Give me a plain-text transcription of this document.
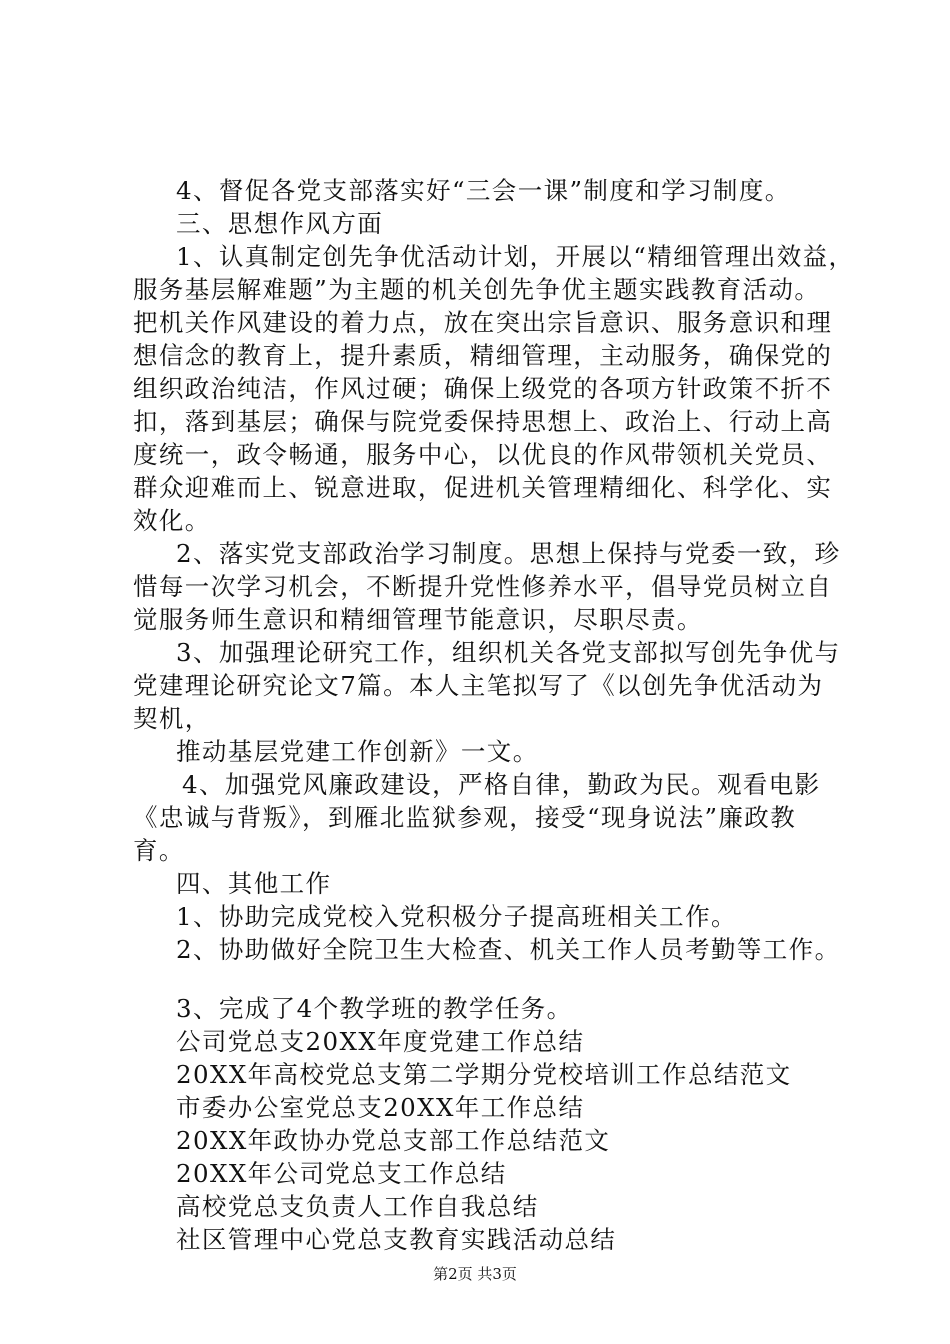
4、督促各党支部落实好“三会一课”制度和学习制度。
三、思想作风方面
1、认真制定创先争优活动计划，开展以“精细管理出效益，
服务基层解难题”为主题的机关创先争优主题实践教育活动。
把机关作风建设的着力点，放在突出宗旨意识、服务意识和理
想信念的教育上，提升素质，精细管理，主动服务，确保党的
组织政治纯洁，作风过硬；确保上级党的各项方针政策不折不
扣，落到基层；确保与院党委保持思想上、政治上、行动上高
度统一，政令畅通，服务中心，以优良的作风带领机关党员、
群众迎难而上、锐意进取，促进机关管理精细化、科学化、实
效化。
2、落实党支部政治学习制度。思想上保持与党委一致，珍
惜每一次学习机会，不断提升党性修养水平，倡导党员树立自
觉服务师生意识和精细管理节能意识，尽职尽责。
3、加强理论研究工作，组织机关各党支部拟写创先争优与
党建理论研究论文7篇。本人主笔拟写了《以创先争优活动为
契机，
推动基层党建工作创新》一文。
4、加强党风廉政建设，严格自律，勤政为民。观看电影
《忠诚与背叛》，到雁北监狱参观，接受“现身说法”廉政教
育。
四、其他工作
1、协助完成党校入党积极分子提高班相关工作。
2、协助做好全院卫生大检查、机关工作人员考勤等工作。
3、完成了4个教学班的教学任务。
公司党总支20XX年度党建工作总结
20XX年高校党总支第二学期分党校培训工作总结范文
市委办公室党总支20XX年工作总结
20XX年政协办党总支部工作总结范文
20XX年公司党总支工作总结
高校党总支负责人工作自我总结
社区管理中心党总支教育实践活动总结
第2页 共3页
